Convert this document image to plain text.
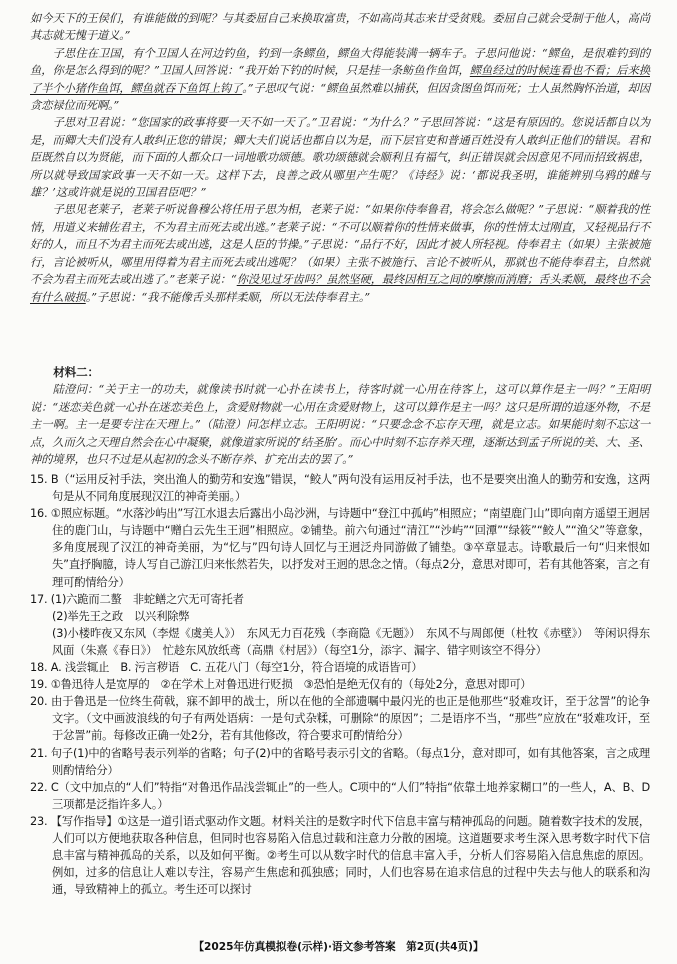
如今天下的王侯们，有谁能做的到呢？与其委屈自己来换取富贵，不如高尚其志来甘受贫贱。委屈自己就会受制于他人，高尚其志就无愧于道义。”

子思住在卫国，有个卫国人在河边钓鱼，钓到一条鳏鱼，鳏鱼大得能装满一辆车子。子思问他说：“鳏鱼，是很难钓到的鱼，你是怎么得到的呢？”卫国人回答说：“我开始下钓的时候，只是挂一条鲂鱼作鱼饵，鳏鱼经过的时候连看也不看；后来换了半个小猪作鱼饵，鳏鱼就吞下鱼饵上钩了。”子思叹气说：“鳏鱼虽然难以捕获，但因贪图鱼饵而死；士人虽然胸怀治道，却因贪恋禄位而死啊。”

子思对卫君说：“您国家的政事将要一天不如一天了。”卫君说：“为什么？”子思回答说：“这是有原因的。您说话都自以为是，而卿大夫们没有人敢纠正您的错误；卿大夫们说话也都自以为是，而下层官吏和普通百姓没有人敢纠正他们的错误。君和臣既然自以为贤能，而下面的人都众口一词地歌功颂德。歌功颂德就会顺利且有福气，纠正错误就会因意见不同而招致祸患，所以就导致国家政事一天不如一天。这样下去，良善之政从哪里产生呢？《诗经》说：‘都说我圣明，谁能辨别乌鸦的雌与雄？’这或许就是说的卫国君臣吧？”

子思见老莱子，老莱子听说鲁穆公将任用子思为相，老莱子说：“如果你侍奉鲁君，将会怎么做呢？”子思说：“顺着我的性情，用道义来辅佐君主，不为君主而死去或出逃。”老莱子说：“不可以顺着你的性情来做事，你的性情太过刚直，又轻视品行不好的人，而且不为君主而死去或出逃，这是人臣的节操。”子思说：“品行不好，因此才被人所轻视。侍奉君主（如果）主张被施行，言论被听从，哪里用得着为君主而死去或出逃呢？（如果）主张不被施行、言论不被听从，那就也不能侍奉君主，自然就不会为君主而死去或出逃了。”老莱子说：“你没见过牙齿吗？虽然坚硬，最终因相互之间的摩擦而消磨；舌头柔顺，最终也不会有什么破损。”子思说：“我不能像舌头那样柔顺，所以无法侍奉君主。”

材料二：

陆澄问：“关于主一的功夫，就像读书时就一心扑在读书上，待客时就一心用在待客上，这可以算作是主一吗？”王阳明说：“迷恋美色就一心扑在迷恋美色上，贪爱财物就一心用在贪爱财物上，这可以算作是主一吗？这只是所谓的追逐外物，不是主一啊。主一是要专注在天理上。”（陆澄）问怎样立志。王阳明说：“只要念念不忘存天理，就是立志。如果能时刻不忘这一点，久而久之天理自然会在心中凝聚，就像道家所说的‘结圣胎’。而心中时刻不忘存养天理，逐渐达到孟子所说的美、大、圣、神的境界，也只不过是从起初的念头不断存养、扩充出去的罢了。”

15. B（“运用反衬手法，突出渔人的勤劳和安逸”错误，“鲛人”两句没有运用反衬手法，也不是要突出渔人的勤劳和安逸，这两句是从不同角度展现汉江的神奇美丽。）

16. ①照应标题。“水落沙屿出”写江水退去后露出小岛沙洲，与诗题中“登江中孤屿”相照应；“南望鹿门山”即向南方遥望王迥居住的鹿门山，与诗题中“赠白云先生王迥”相照应。②铺垫。前六句通过“清江”“沙屿”“回潭”“绿筱”“鲛人”“渔父”等意象，多角度展现了汉江的神奇美丽，为“忆与”四句诗人回忆与王迥泛舟同游做了铺垫。③卒章显志。诗歌最后一句“归来恨如失”直抒胸臆，诗人写自己游江归来怅然若失，以抒发对王迥的思念之情。（每点2分，意思对即可，若有其他答案，言之有理可酌情给分）

17. (1)六跪而二螯　非蛇鳝之穴无可寄托者

(2)举先王之政　以兴利除弊

(3)小楼昨夜又东风（李煜《虞美人》）　东风无力百花残（李商隐《无题》）　东风不与周郎便（杜牧《赤壁》）　等闲识得东风面（朱熹《春日》）　忙趁东风放纸鸢（高鼎《村居》）（每空1分，添字、漏字、错字则该空不得分）

18. A. 浅尝辄止　B. 污言秽语　C. 五花八门（每空1分，符合语境的成语皆可）

19. ①鲁迅待人是宽厚的　②在学术上对鲁迅进行贬损　③恐怕是绝无仅有的（每处2分，意思对即可）

20. 由于鲁迅是一位终生荷戟，寐不卸甲的战士，所以在他的全部遗嘱中最闪光的也正是他那些“驳难攻讦，至于忿詈”的论争文字。（文中画波浪线的句子有两处语病：一是句式杂糅，可删除“的原因”；二是语序不当，“那些”应放在“驳难攻讦，至于忿詈”前。每修改正确一处2分，若有其他修改，符合要求可酌情给分）

21. 句子(1)中的省略号表示列举的省略；句子(2)中的省略号表示引文的省略。（每点1分，意对即可，如有其他答案，言之成理则酌情给分）

22. C（文中加点的“人们”特指“对鲁迅作品浅尝辄止”的一些人。C项中的“人们”特指“依靠土地养家糊口”的一些人，A、B、D三项都是泛指许多人。）

23. 【写作指导】①这是一道引语式驱动作文题。材料关注的是数字时代下信息丰富与精神孤岛的问题。随着数字技术的发展，人们可以方便地获取各种信息，但同时也容易陷入信息过载和注意力分散的困境。这道题要求考生深入思考数字时代下信息丰富与精神孤岛的关系，以及如何平衡。②考生可以从数字时代的信息丰富入手，分析人们容易陷入信息焦虑的原因。例如，过多的信息让人难以专注，容易产生焦虑和孤独感；同时，人们也容易在追求信息的过程中失去与他人的联系和沟通，导致精神上的孤立。考生还可以探讨

【2025年仿真模拟卷(示样)·语文参考答案　第2页(共4页)】
